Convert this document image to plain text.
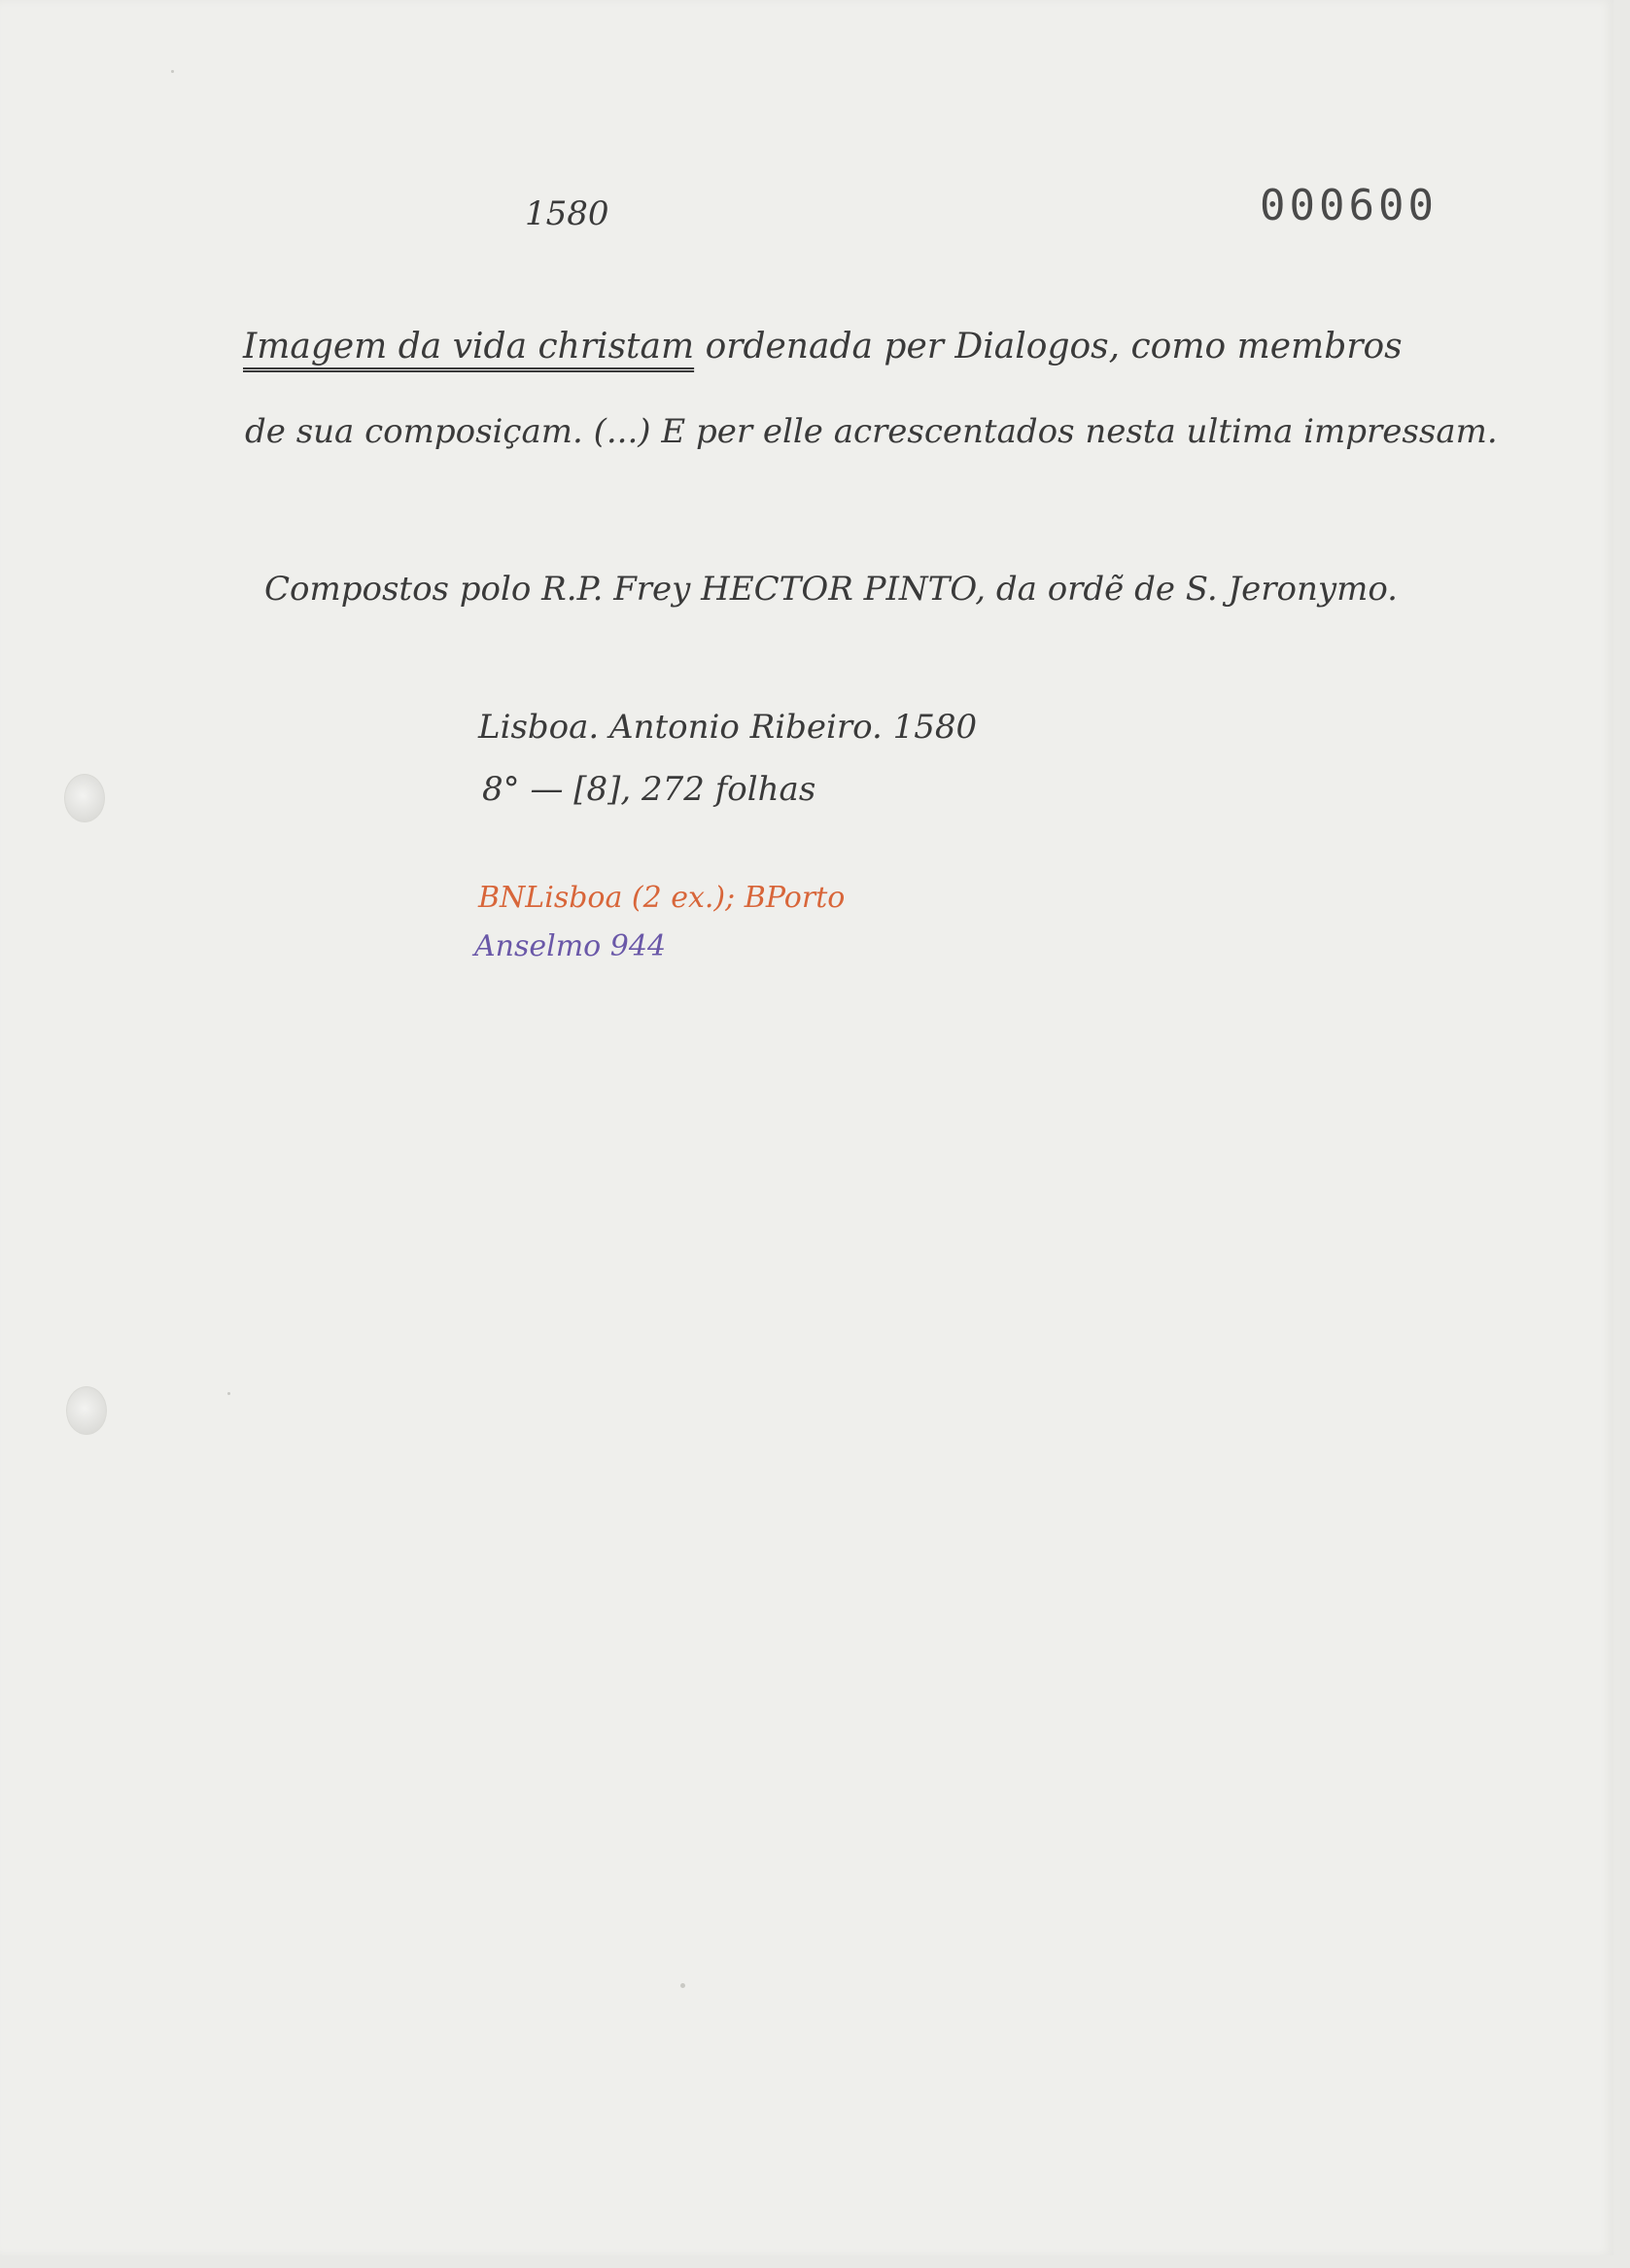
1580	000600
Imagem da vida christam ordenada per Dialogos, como membros
de sua composiçam. (...) E per elle acrescentados nesta ultima impressam.
Compostos polo R.P. Frey HECTOR PINTO, da ordẽ de S. Jeronymo.
Lisboa. Antonio Ribeiro. 1580
8° — [8], 272 folhas
BNLisboa (2 ex.); BPorto
Anselmo 944
